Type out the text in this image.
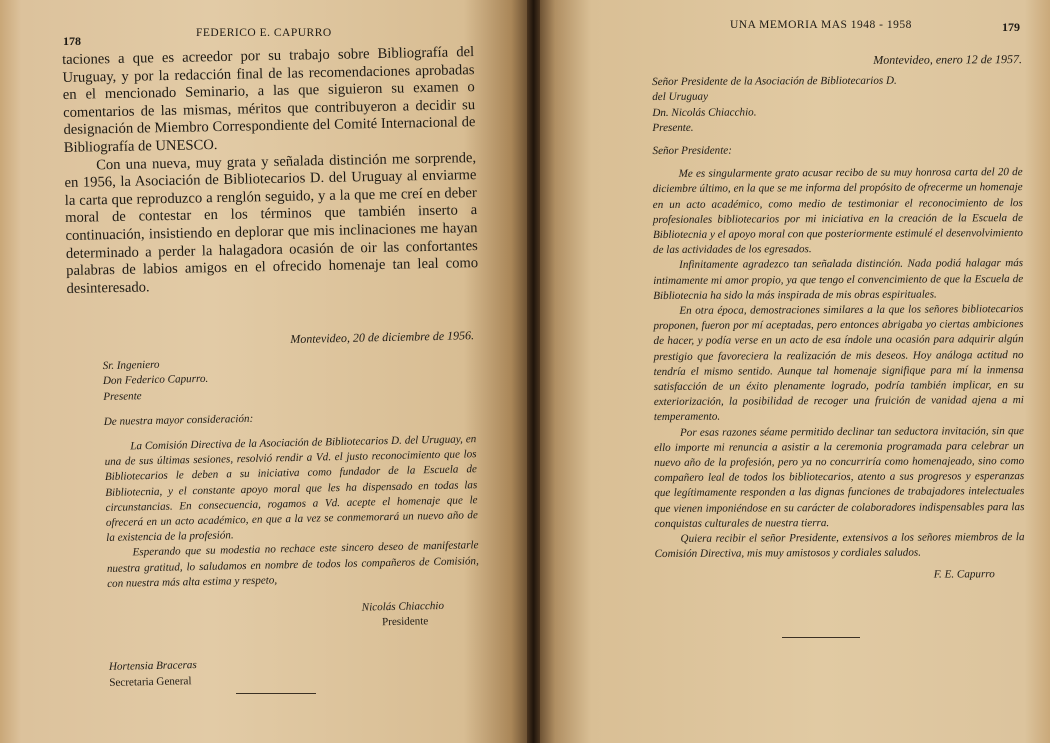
178
FEDERICO E. CAPURRO

taciones a que es acreedor por su trabajo sobre Bibliografía del Uruguay, y por la redacción final de las recomendaciones aprobadas en el mencionado Seminario, a las que siguieron su examen o comentarios de las mismas, méritos que contribuyeron a decidir su designación de Miembro Correspondiente del Comité Internacional de Bibliografía de UNESCO.

Con una nueva, muy grata y señalada distinción me sorprende, en 1956, la Asociación de Bibliotecarios D. del Uruguay al enviarme la carta que reproduzco a renglón seguido, y a la que me creí en deber moral de contestar en los términos que también inserto a continuación, insistiendo en deplorar que mis inclinaciones me hayan determinado a perder la halagadora ocasión de oir las confortantes palabras de labios amigos en el ofrecido homenaje tan leal como desinteresado.

Montevideo, 20 de diciembre de 1956.

Sr. Ingeniero

Don Federico Capurro.

Presente

De nuestra mayor consideración:

La Comisión Directiva de la Asociación de Bibliotecarios D. del Uruguay, en una de sus últimas sesiones, resolvió rendir a Vd. el justo reconocimiento que los Bibliotecarios le deben a su iniciativa como fundador de la Escuela de Bibliotecnia, y el constante apoyo moral que les ha dispensado en todas las circunstancias. En consecuencia, rogamos a Vd. acepte el homenaje que le ofrecerá en un acto académico, en que a la vez se conmemorará un nuevo año de la existencia de la profesión.

Esperando que su modestia no rechace este sincero deseo de manifestarle nuestra gratitud, lo saludamos en nombre de todos los compañeros de Comisión, con nuestra más alta estima y respeto,

Nicolás Chiacchio

Presidente

Hortensia Braceras

Secretaria General

UNA MEMORIA MAS 1948 - 1958	179

Montevideo, enero 12 de 1957.

Señor Presidente de la Asociación de Bibliotecarios D.

del Uruguay

Dn. Nicolás Chiacchio.

Presente.

Señor Presidente:

Me es singularmente grato acusar recibo de su muy honrosa carta del 20 de diciembre último, en la que se me informa del propósito de ofrecerme un homenaje en un acto académico, como medio de testimoniar el reconocimiento de los profesionales bibliotecarios por mi iniciativa en la creación de la Escuela de Bibliotecnia y el apoyo moral con que posteriormente estimulé el desenvolvimiento de las actividades de los egresados.

Infinitamente agradezco tan señalada distinción. Nada podiá halagar más intimamente mi amor propio, ya que tengo el convencimiento de que la Escuela de Bibliotecnia ha sido la más inspirada de mis obras espirituales.

En otra época, demostraciones similares a la que los señores bibliotecarios proponen, fueron por mí aceptadas, pero entonces abrigaba yo ciertas ambiciones de hacer, y podía verse en un acto de esa índole una ocasión para adquirir algún prestigio que favoreciera la realización de mis deseos. Hoy análoga actitud no tendría el mismo sentido. Aunque tal homenaje signifique para mí la inmensa satisfacción de un éxito plenamente logrado, podría también implicar, en su exteriorización, la posibilidad de recoger una fruición de vanidad ajena a mi temperamento.

Por esas razones séame permitido declinar tan seductora invitación, sin que ello importe mi renuncia a asistir a la ceremonia programada para celebrar un nuevo año de la profesión, pero ya no concurriría como homenajeado, sino como compañero leal de todos los bibliotecarios, atento a sus progresos y esperanzas que legítimamente responden a las dignas funciones de trabajadores intelectuales que vienen imponiéndose en su carácter de colaboradores indispensables para las conquistas culturales de nuestra tierra.

Quiera recibir el señor Presidente, extensivos a los señores miembros de la Comisión Directiva, mis muy amistosos y cordiales saludos.

F. E. Capurro
